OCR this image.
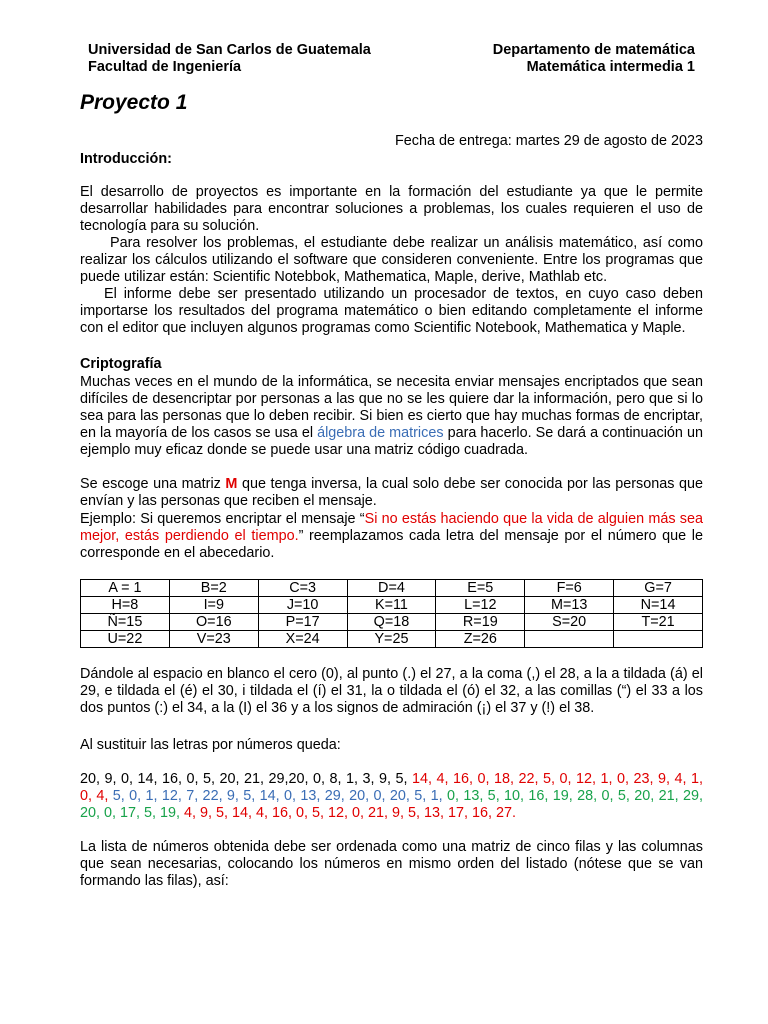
Universidad de San Carlos de Guatemala
Facultad de Ingeniería
Departamento de matemática
Matemática intermedia 1
Proyecto 1
Fecha de entrega: martes 29 de agosto de 2023
Introducción:
El desarrollo de proyectos es importante en la formación del estudiante ya que le permite desarrollar habilidades para encontrar soluciones a problemas, los cuales requieren el uso de tecnología para su solución.
Para resolver los problemas, el estudiante debe realizar un análisis matemático, así como realizar los cálculos utilizando el software que consideren conveniente. Entre los programas que puede utilizar están: Scientific Notebbok, Mathematica, Maple, derive, Mathlab etc.
El informe debe ser presentado utilizando un procesador de textos, en cuyo caso deben importarse los resultados del programa matemático o bien editando completamente el informe con el editor que incluyen algunos programas como Scientific Notebook, Mathematica y Maple.
Criptografía
Muchas veces en el mundo de la informática, se necesita enviar mensajes encriptados que sean difíciles de desencriptar por personas a las que no se les quiere dar la información, pero que si lo sea para las personas que lo deben recibir. Si bien es cierto que hay muchas formas de encriptar, en la mayoría de los casos se usa el álgebra de matrices para hacerlo. Se dará a continuación un ejemplo muy eficaz donde se puede usar una matriz código cuadrada.
Se escoge una matriz M que tenga inversa, la cual solo debe ser conocida por las personas que envían y las personas que reciben el mensaje.
Ejemplo: Si queremos encriptar el mensaje “Si no estás haciendo que la vida de alguien más sea mejor, estás perdiendo el tiempo.” reemplazamos cada letra del mensaje por el número que le corresponde en el abecedario.
A = 1	B=2	C=3	D=4	E=5	F=6	G=7
H=8	I=9	J=10	K=11	L=12	M=13	N=14
Ñ=15	O=16	P=17	Q=18	R=19	S=20	T=21
U=22	V=23	X=24	Y=25	Z=26		
Dándole al espacio en blanco el cero (0), al punto (.) el 27, a la coma (,) el 28, a la a tildada (á) el 29, e tildada el (é) el 30, i tildada el (í) el 31, la o tildada el (ó) el 32, a las comillas (“) el 33 a los dos puntos (:) el 34, a la (I) el 36 y a los signos de admiración (¡) el 37 y (!) el 38.
Al sustituir las letras por números queda:
20, 9, 0, 14, 16, 0, 5, 20, 21, 29,20, 0, 8, 1, 3, 9, 5, 14, 4, 16, 0, 18, 22, 5, 0, 12, 1, 0, 23, 9, 4, 1, 0, 4, 5, 0, 1, 12, 7, 22, 9, 5, 14, 0, 13, 29, 20, 0, 20, 5, 1, 0, 13, 5, 10, 16, 19, 28, 0, 5, 20, 21, 29, 20, 0, 17, 5, 19, 4, 9, 5, 14, 4, 16, 0, 5, 12, 0, 21, 9, 5, 13, 17, 16, 27.
La lista de números obtenida debe ser ordenada como una matriz de cinco filas y las columnas que sean necesarias, colocando los números en mismo orden del listado (nótese que se van formando las filas), así:
